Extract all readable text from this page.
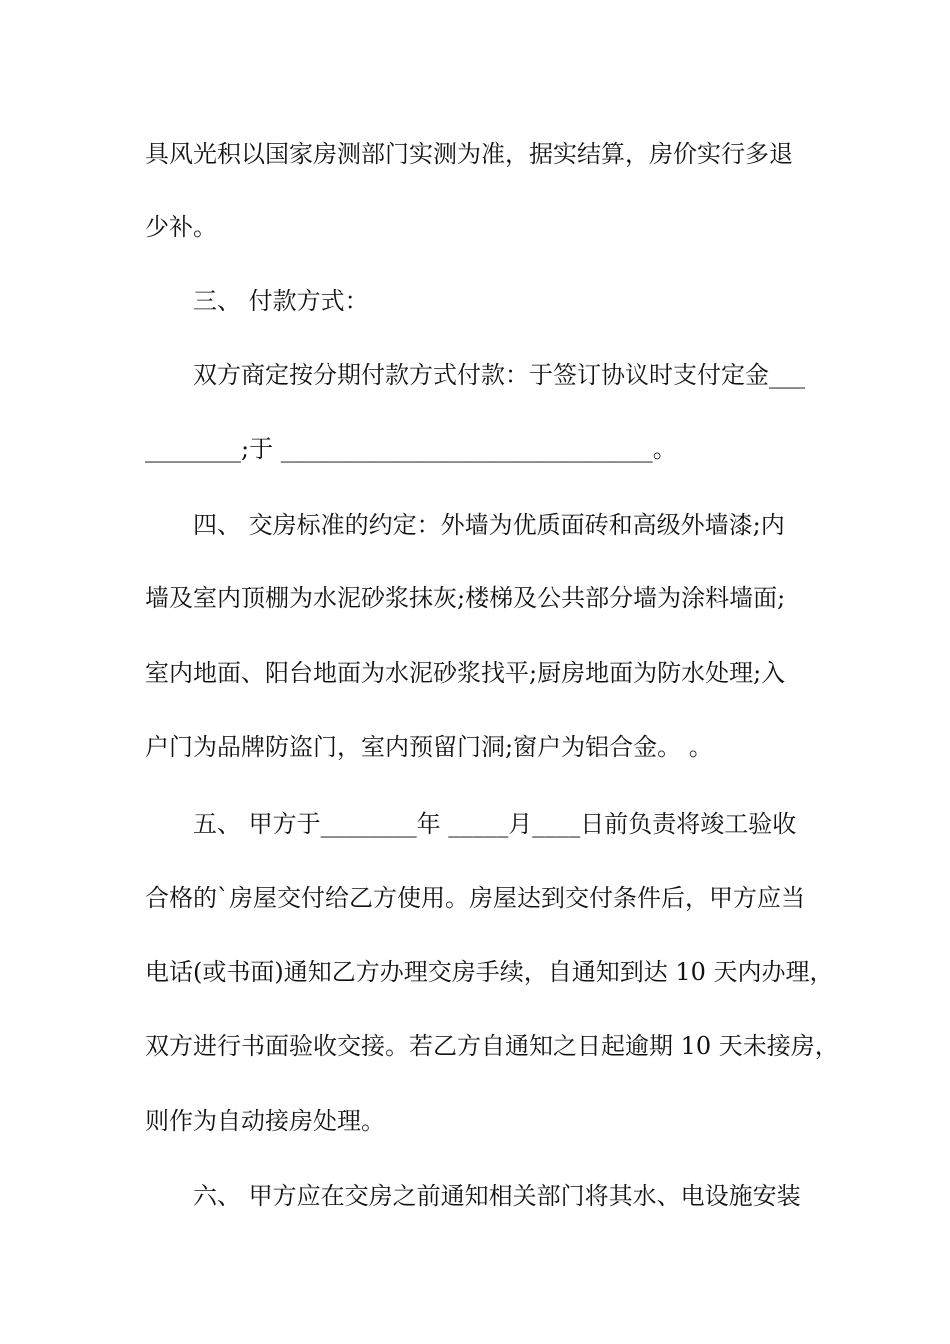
具风光积以国家房测部门实测为准，据实结算，房价实行多退
少补。
三、 付款方式：
双方商定按分期付款方式付款：于签订协议时支付定金___
________;于 _______________________________。
四、 交房标准的约定：外墙为优质面砖和高级外墙漆;内
墙及室内顶棚为水泥砂浆抹灰;楼梯及公共部分墙为涂料墙面;
室内地面、阳台地面为水泥砂浆找平;厨房地面为防水处理;入
户门为品牌防盗门，室内预留门洞;窗户为铝合金。 。
五、 甲方于________年 _____月____日前负责将竣工验收
合格的`房屋交付给乙方使用。房屋达到交付条件后，甲方应当
电话(或书面)通知乙方办理交房手续，自通知到达 10 天内办理，
双方进行书面验收交接。若乙方自通知之日起逾期 10 天未接房，
则作为自动接房处理。
六、 甲方应在交房之前通知相关部门将其水、电设施安装
